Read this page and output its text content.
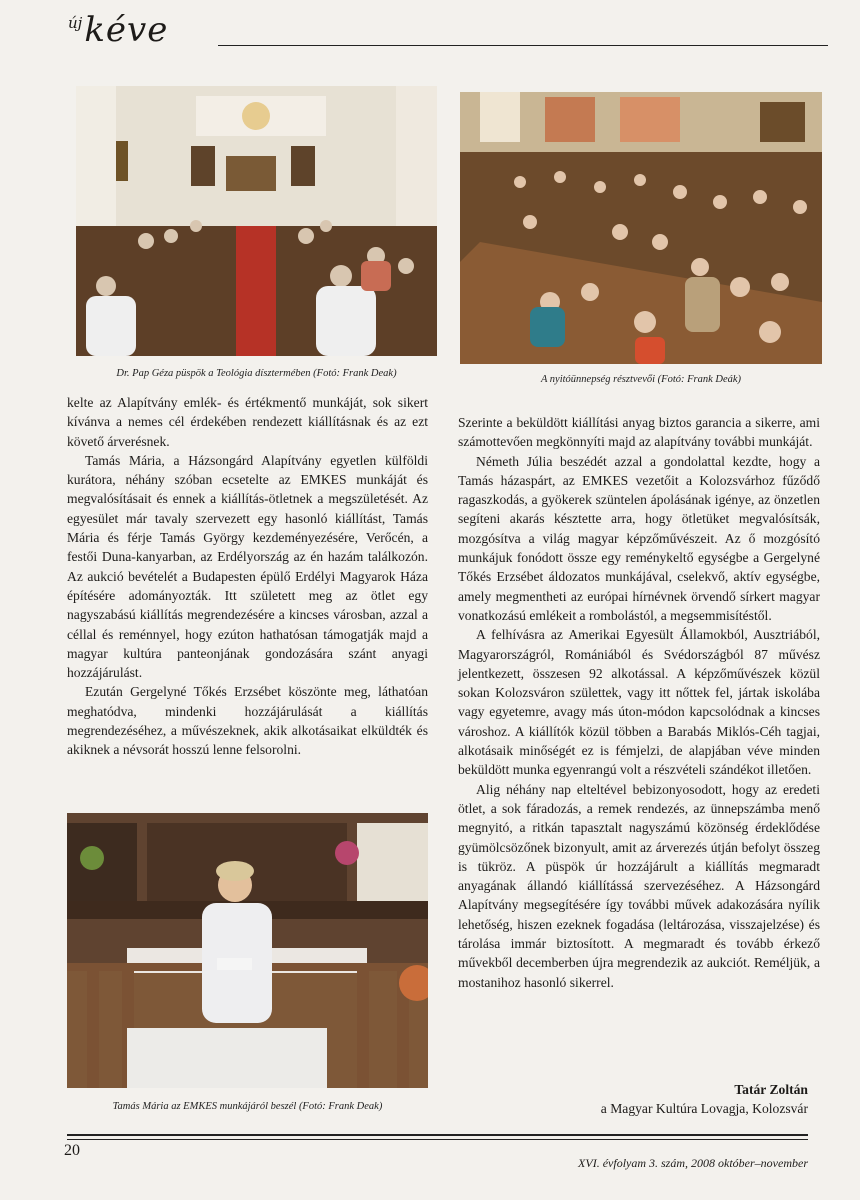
újkéve
Dr. Pap Géza püspök a Teológia dísztermében (Fotó: Frank Deak)
A nyitóünnepség résztvevői (Fotó: Frank Deák)

kelte az Alapítvány emlék- és értékmentő munkáját, sok sikert kívánva a nemes cél érdekében rendezett kiállításnak és az ezt követő árverésnek.

Tamás Mária, a Házsongárd Alapítvány egyetlen külföldi kurátora, néhány szóban ecsetelte az EMKES munkáját és megvalósításait és ennek a kiállítás-ötletnek a megszületését. Az egyesület már tavaly szervezett egy hasonló kiállítást, Tamás Mária és férje Tamás György kezdeményezésére, Verőcén, a festői Duna-kanyarban, az Erdélyország az én hazám találkozón. Az aukció bevételét a Budapesten épülő Erdélyi Magyarok Háza építésére adományozták. Itt született meg az ötlet egy nagyszabású kiállítás megrendezésére a kincses városban, azzal a céllal és reménnyel, hogy ezúton hathatósan támogatják majd a magyar kultúra panteonjának gondozására szánt anyagi hozzájárulást.

Ezután Gergelyné Tőkés Erzsébet köszönte meg, láthatóan meghatódva, mindenki hozzájárulását a kiállítás megrendezéséhez, a művészeknek, akik alkotásaikat elküldték és akiknek a névsorát hosszú lenne felsorolni.

Tamás Mária az EMKES munkájáról beszél (Fotó: Frank Deak)

Szerinte a beküldött kiállítási anyag biztos garancia a sikerre, ami számottevően megkönnyíti majd az alapítvány további munkáját.

Németh Júlia beszédét azzal a gondolattal kezdte, hogy a Tamás házaspárt, az EMKES vezetőit a Kolozsvárhoz fűződő ragaszkodás, a gyökerek szüntelen ápolásának igénye, az önzetlen segíteni akarás késztette arra, hogy ötletüket megvalósítsák, mozgósítva a világ magyar képzőművészeit. Az ő mozgósító munkájuk fonódott össze egy reménykeltő egységbe a Gergelyné Tőkés Erzsébet áldozatos munkájával, cselekvő, aktív egységbe, amely megmentheti az európai hírnévnek örvendő sírkert magyar vonatkozású emlékeit a rombolástól, a megsemmisítéstől.

A felhívásra az Amerikai Egyesült Államokból, Ausztriából, Magyarországról, Romániából és Svédországból 87 művész jelentkezett, összesen 92 alkotással. A képzőművészek közül sokan Kolozsváron születtek, vagy itt nőttek fel, jártak iskolába vagy egyetemre, avagy más úton-módon kapcsolódnak a kincses városhoz. A kiállítók közül többen a Barabás Miklós-Céh tagjai, alkotásaik minőségét ez is fémjelzi, de alapjában véve minden beküldött munka egyenrangú volt a részvételi szándékot illetően.

Alig néhány nap elteltével bebizonyosodott, hogy az eredeti ötlet, a sok fáradozás, a remek rendezés, az ünnepszámba menő megnyitó, a ritkán tapasztalt nagyszámú közönség érdeklődése gyümölcsözőnek bizonyult, amit az árverezés útján befolyt összeg is tükröz. A püspök úr hozzájárult a kiállítás megmaradt anyagának állandó kiállítássá szervezéséhez. A Házsongárd Alapítvány megsegítésére így további művek adakozására nyílik lehetőség, hiszen ezeknek fogadása (leltározása, visszajelzése) és tárolása immár biztosított. A megmaradt és tovább érkező művekből decemberben újra megrendezik az aukciót. Reméljük, a mostanihoz hasonló sikerrel.

Tatár Zoltán
a Magyar Kultúra Lovagja, Kolozsvár
20
XVI. évfolyam 3. szám, 2008 október–november
